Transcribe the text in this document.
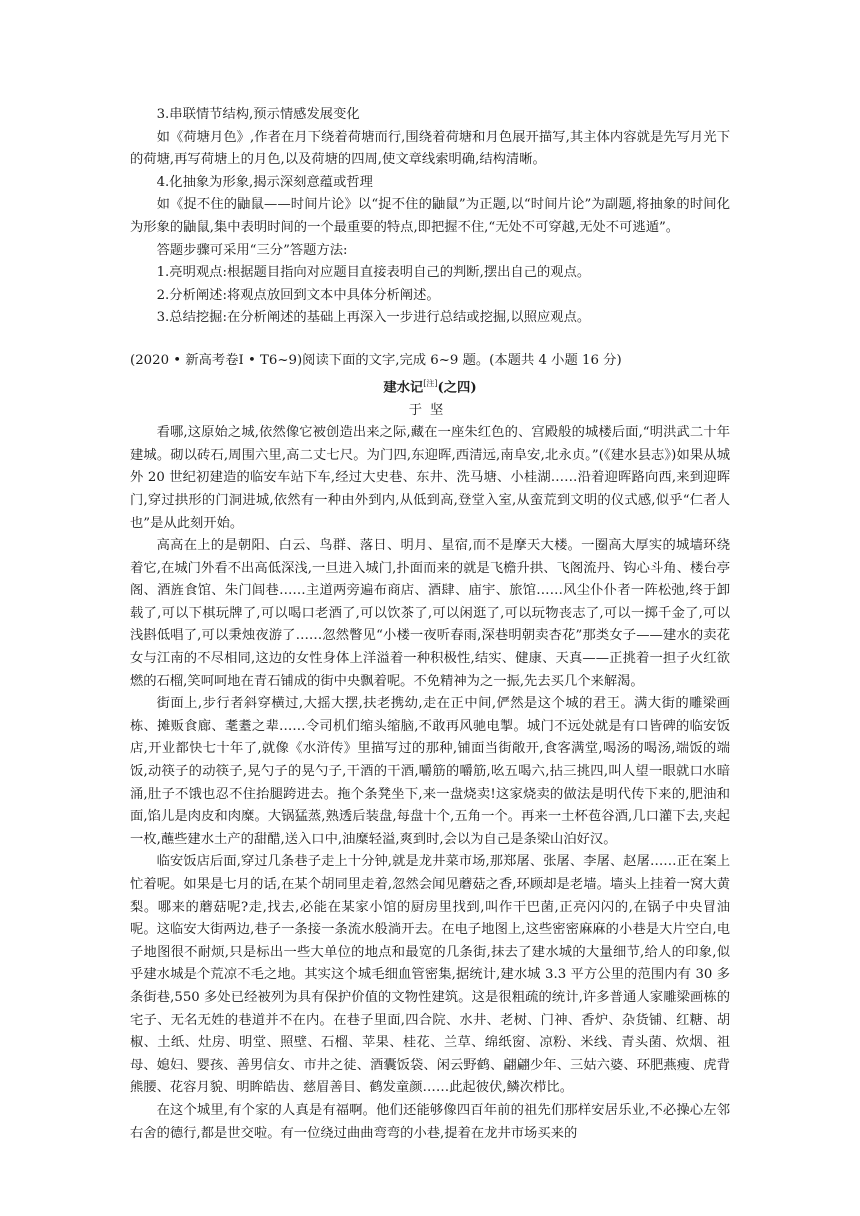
3.串联情节结构,预示情感发展变化

如《荷塘月色》,作者在月下绕着荷塘而行,围绕着荷塘和月色展开描写,其主体内容就是先写月光下的荷塘,再写荷塘上的月色,以及荷塘的四周,使文章线索明确,结构清晰。

4.化抽象为形象,揭示深刻意蕴或哲理

如《捉不住的鼬鼠——时间片论》以“捉不住的鼬鼠”为正题,以“时间片论”为副题,将抽象的时间化为形象的鼬鼠,集中表明时间的一个最重要的特点,即把握不住,“无处不可穿越,无处不可逃遁”。

答题步骤可采用“三分”答题方法:

1.亮明观点:根据题目指向对应题目直接表明自己的判断,摆出自己的观点。

2.分析阐述:将观点放回到文本中具体分析阐述。

3.总结挖掘:在分析阐述的基础上再深入一步进行总结或挖掘,以照应观点。

(2020 • 新高考卷Ⅰ • T6~9)阅读下面的文字,完成 6~9 题。(本题共 4 小题 16 分)

建水记[注](之四)

于坚

看哪,这原始之城,依然像它被创造出来之际,藏在一座朱红色的、宫殿般的城楼后面,“明洪武二十年建城。砌以砖石,周围六里,高二丈七尺。为门四,东迎晖,西清远,南阜安,北永贞。”(《建水县志》)如果从城外 20 世纪初建造的临安车站下车,经过大史巷、东井、洗马塘、小桂湖……沿着迎晖路向西,来到迎晖门,穿过拱形的门洞进城,依然有一种由外到内,从低到高,登堂入室,从蛮荒到文明的仪式感,似乎“仁者人也”是从此刻开始。

高高在上的是朝阳、白云、鸟群、落日、明月、星宿,而不是摩天大楼。一圈高大厚实的城墙环绕着它,在城门外看不出高低深浅,一旦进入城门,扑面而来的就是飞檐升拱、飞阁流丹、钩心斗角、楼台亭阁、酒旌食馆、朱门闾巷……主道两旁遍布商店、酒肆、庙宇、旅馆……风尘仆仆者一阵松弛,终于卸载了,可以下棋玩牌了,可以喝口老酒了,可以饮茶了,可以闲逛了,可以玩物丧志了,可以一掷千金了,可以浅斟低唱了,可以秉烛夜游了……忽然瞥见“小楼一夜听春雨,深巷明朝卖杏花”那类女子——建水的卖花女与江南的不尽相同,这边的女性身体上洋溢着一种积极性,结实、健康、天真——正挑着一担子火红欲燃的石榴,笑呵呵地在青石铺成的街中央飘着呢。不免精神为之一振,先去买几个来解渴。

街面上,步行者斜穿横过,大摇大摆,扶老携幼,走在正中间,俨然是这个城的君王。满大街的雕梁画栋、摊贩食廊、耄耋之辈……令司机们缩头缩脑,不敢再风驰电掣。城门不远处就是有口皆碑的临安饭店,开业都快七十年了,就像《水浒传》里描写过的那种,铺面当街敞开,食客满堂,喝汤的喝汤,端饭的端饭,动筷子的动筷子,晃勺子的晃勺子,干酒的干酒,嚼筋的嚼筋,吆五喝六,拈三挑四,叫人望一眼就口水暗涌,肚子不饿也忍不住抬腿跨进去。拖个条凳坐下,来一盘烧卖!这家烧卖的做法是明代传下来的,肥油和面,馅儿是肉皮和肉糜。大锅猛蒸,熟透后装盘,每盘十个,五角一个。再来一土杯苞谷酒,几口灌下去,夹起一枚,蘸些建水土产的甜醋,送入口中,油糜轻溢,爽到时,会以为自己是条梁山泊好汉。

临安饭店后面,穿过几条巷子走上十分钟,就是龙井菜市场,那郑屠、张屠、李屠、赵屠……正在案上忙着呢。如果是七月的话,在某个胡同里走着,忽然会闻见蘑菇之香,环顾却是老墙。墙头上挂着一窝大黄梨。哪来的蘑菇呢?走,找去,必能在某家小馆的厨房里找到,叫作干巴菌,正亮闪闪的,在锅子中央冒油呢。这临安大街两边,巷子一条接一条流水般淌开去。在电子地图上,这些密密麻麻的小巷是大片空白,电子地图很不耐烦,只是标出一些大单位的地点和最宽的几条街,抹去了建水城的大量细节,给人的印象,似乎建水城是个荒凉不毛之地。其实这个城毛细血管密集,据统计,建水城 3.3 平方公里的范围内有 30 多条街巷,550 多处已经被列为具有保护价值的文物性建筑。这是很粗疏的统计,许多普通人家雕梁画栋的宅子、无名无姓的巷道并不在内。在巷子里面,四合院、水井、老树、门神、香炉、杂货铺、红糖、胡椒、土纸、灶房、明堂、照壁、石榴、苹果、桂花、兰草、绵纸窗、凉粉、米线、青头菌、炊烟、祖母、媳妇、婴孩、善男信女、市井之徒、酒囊饭袋、闲云野鹤、翩翩少年、三姑六婆、环肥燕瘦、虎背熊腰、花容月貌、明眸皓齿、慈眉善目、鹤发童颜……此起彼伏,鳞次栉比。

在这个城里,有个家的人真是有福啊。他们还能够像四百年前的祖先们那样安居乐业,不必操心左邻右舍的德行,都是世交啦。有一位绕过曲曲弯弯的小巷,提着在龙井市场买来的
